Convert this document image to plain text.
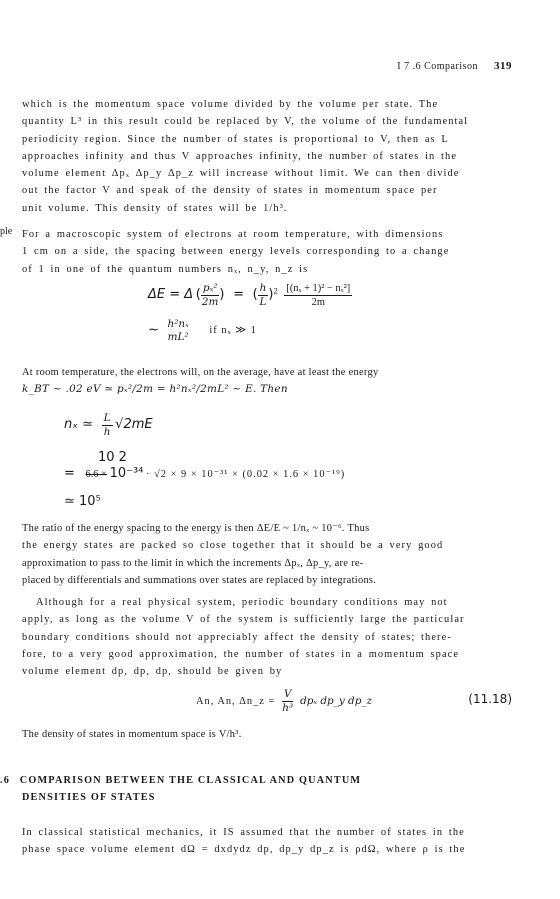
I 7 .6 Comparison 319
which is the momentum space volume divided by the volume per state. The
quantity L³ in this result could be replaced by V, the volume of the fundamental
periodicity region. Since the number of states is proportional to V, then as L
approaches infinity and thus V approaches infinity, the number of states in the
volume element Δpₓ Δp_y Δp_z will increase without limit. We can then divide
out the factor V and speak of the density of states in momentum space per
unit volume. This density of states will be 1/h³.
ple For a macroscopic system of electrons at room temperature, with dimensions
1 cm on a side, the spacing between energy levels corresponding to a change
of 1 in one of the quantum numbers nₓ, n_y, n_z is
ΔE = Δ ( $\frac{\text{pₓ²}}{2m}$ ) = ( $\frac{h}{L} )^2 \frac{\text{[(nₓ + 1)² − nₓ²]}}{2m}$
~ h²nₓ
mL²
if nₓ ≫ 1
At room temperature, the electrons will, on the average, have at least the energy
k_BT ~ .02 eV ≃ pₓ²/2m = h²nₓ²/2mL² ~ E. Then
nₓ ≃ $\frac{L}{h} √2mE$
10 2
= 6.6 × 10⁻³⁴ · √2 × 9 × 10⁻³¹ × (0.02 × 1.6 × 10⁻¹⁹)
≃ 10⁵
The ratio of the energy spacing to the energy is then ΔE/E ~ 1/nₓ ~ 10⁻⁶. Thus
the energy states are packed so close together that it should be a very good
approximation to pass to the limit in which the increments Δpₓ, Δp_y, are re-
placed by differentials and summations over states are replaced by integrations.
Although for a real physical system, periodic boundary conditions may not
apply, as long as the volume V of the system is sufficiently large the particular
boundary conditions should not appreciably affect the density of states; there-
fore, to a very good approximation, the number of states in a momentum space
volume element dp, dp, dp, should be given by
An, An, Δn_z = $\frac{V}{\text{h³}}$ dpₓ dp_y dp_z	(11.18)
The density of states in momentum space is V/h³.
.6 COMPARISON BETWEEN THE CLASSICAL AND QUANTUM
DENSITIES OF STATES
In classical statistical mechanics, it IS assumed that the number of states in the
phase space volume element dΩ = dxdydz dp, dp_y dp_z is ρdΩ, where ρ is the
